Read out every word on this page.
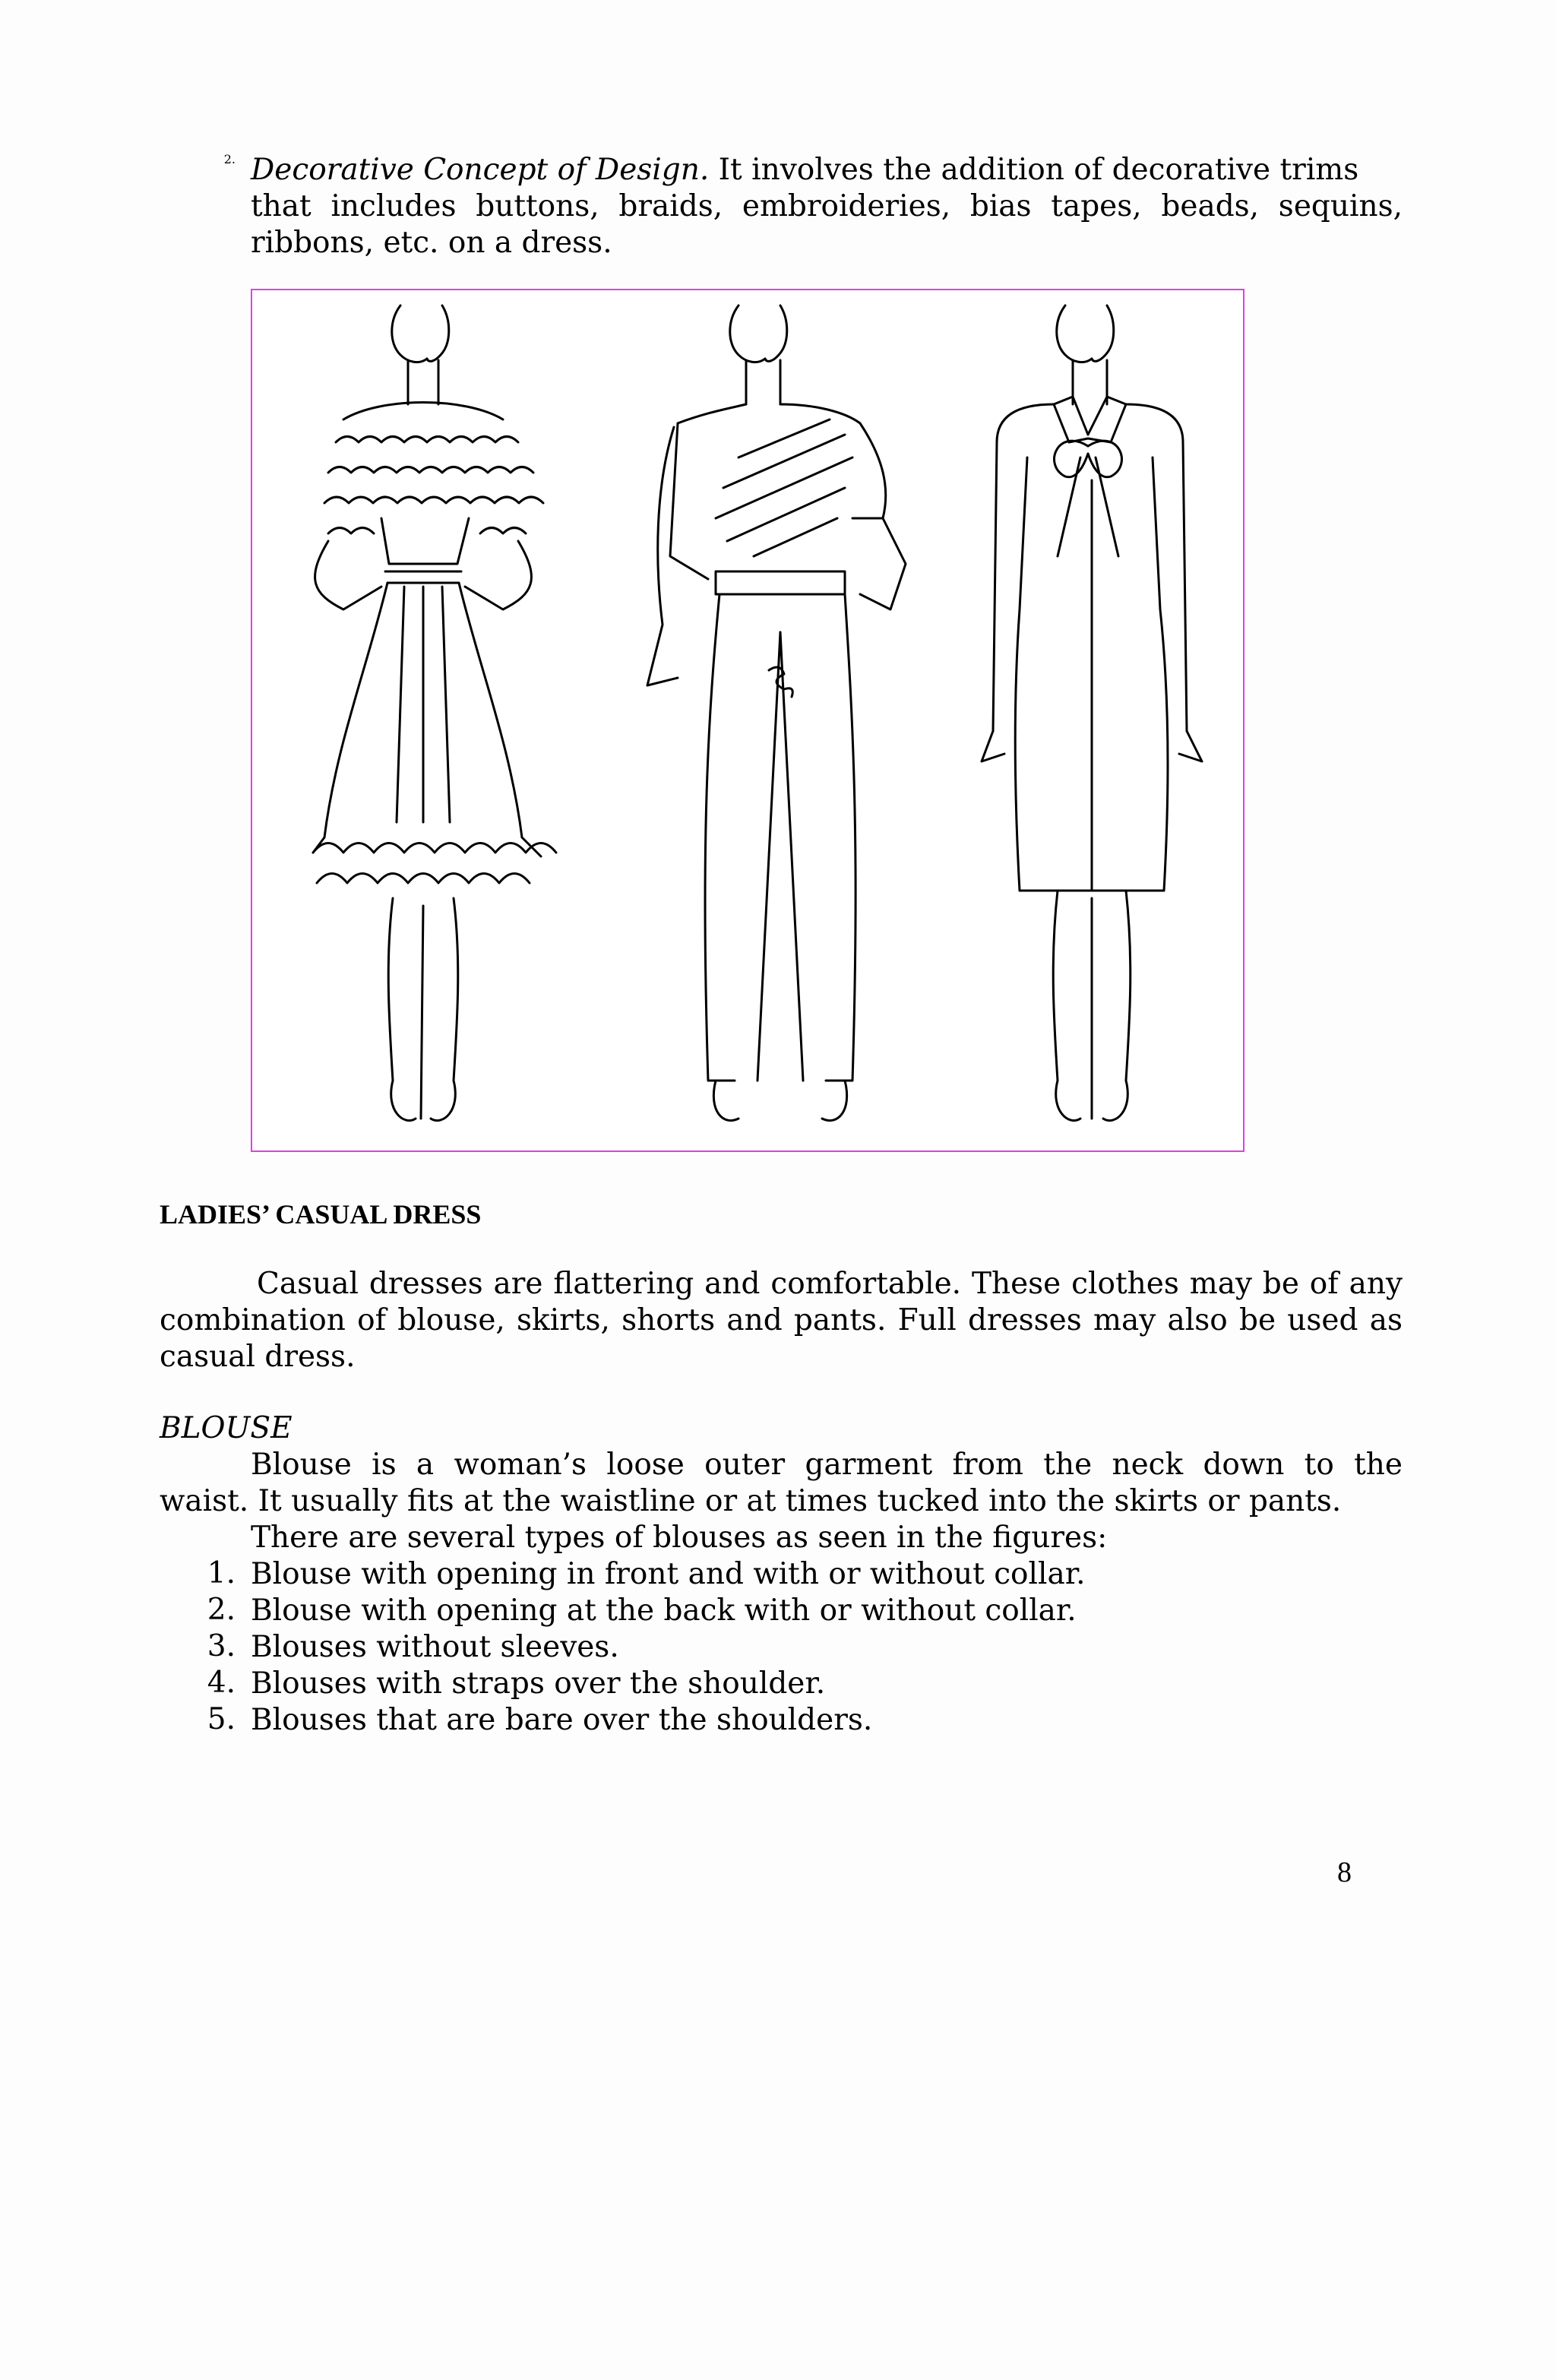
2. Decorative Concept of Design. It involves the addition of decorative trims
that includes buttons, braids, embroideries, bias tapes, beads, sequins,
ribbons, etc. on a dress.
LADIES’ CASUAL DRESS
Casual dresses are flattering and comfortable. These clothes may be of any
combination of blouse, skirts, shorts and pants. Full dresses may also be used as
casual dress.
BLOUSE
Blouse is a woman’s loose outer garment from the neck down to the
waist. It usually fits at the waistline or at times tucked into the skirts or pants.
There are several types of blouses as seen in the figures:
1. Blouse with opening in front and with or without collar.
2. Blouse with opening at the back with or without collar.
3. Blouses without sleeves.
4. Blouses with straps over the shoulder.
5. Blouses that are bare over the shoulders.
8
